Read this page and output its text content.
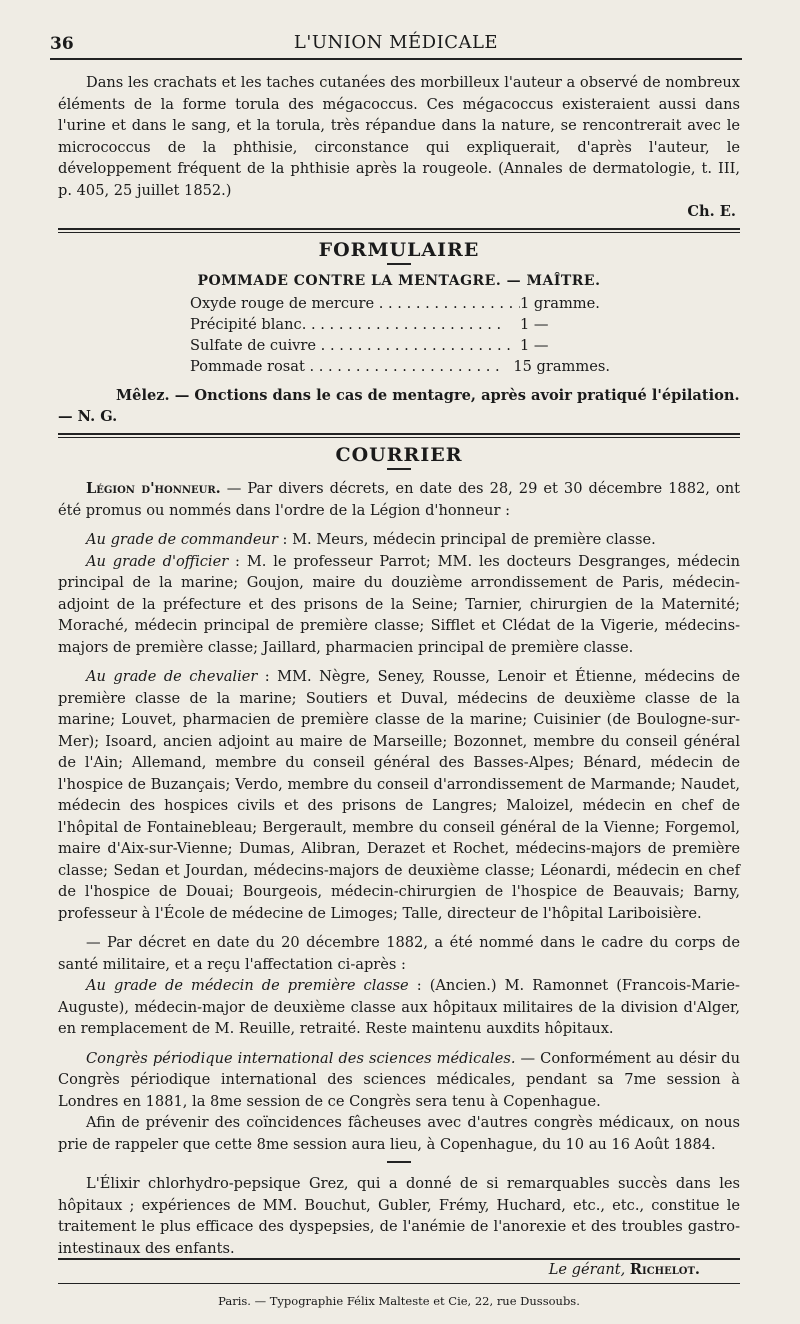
36	L'UNION MÉDICALE

Dans les crachats et les taches cutanées des morbilleux l'auteur a observé de nombreux éléments de la forme torula des mégacoccus. Ces mégacoccus existeraient aussi dans l'urine et dans le sang, et la torula, très répandue dans la nature, se rencontrerait avec le micrococcus de la phthisie, circonstance qui expliquerait, d'après l'auteur, le développement fréquent de la phthisie après la rougeole. (Annales de dermatologie, t. III, p. 405, 25 juillet 1852.)

Ch. E.
FORMULAIRE
POMMADE CONTRE LA MENTAGRE. — MAÎTRE.
Oxyde rouge de mercure . . .	1 gramme.
Précipité blanc. . . .	1 —
Sulfate de cuivre . . .	1 —
Pommade rosat . . .	15 grammes.
Mêlez. — Onctions dans le cas de mentagre, après avoir pratiqué l'épilation. — N. G.
COURRIER

Légion d'honneur. — Par divers décrets, en date des 28, 29 et 30 décembre 1882, ont été promus ou nommés dans l'ordre de la Légion d'honneur :

Au grade de commandeur : M. Meurs, médecin principal de première classe.

Au grade d'officier : M. le professeur Parrot; MM. les docteurs Desgranges, médecin principal de la marine; Goujon, maire du douzième arrondissement de Paris, médecin-adjoint de la préfecture et des prisons de la Seine; Tarnier, chirurgien de la Maternité; Moraché, médecin principal de première classe; Sifflet et Clédat de la Vigerie, médecins-majors de première classe; Jaillard, pharmacien principal de première classe.

Au grade de chevalier : MM. Nègre, Seney, Rousse, Lenoir et Étienne, médecins de première classe de la marine; Soutiers et Duval, médecins de deuxième classe de la marine; Louvet, pharmacien de première classe de la marine; Cuisinier (de Boulogne-sur-Mer); Isoard, ancien adjoint au maire de Marseille; Bozonnet, membre du conseil général de l'Ain; Allemand, membre du conseil général des Basses-Alpes; Bénard, médecin de l'hospice de Buzançais; Verdo, membre du conseil d'arrondissement de Marmande; Naudet, médecin des hospices civils et des prisons de Langres; Maloizel, médecin en chef de l'hôpital de Fontainebleau; Bergerault, membre du conseil général de la Vienne; Forgemol, maire d'Aix-sur-Vienne; Dumas, Alibran, Derazet et Rochet, médecins-majors de première classe; Sedan et Jourdan, médecins-majors de deuxième classe; Léonardi, médecin en chef de l'hospice de Douai; Bourgeois, médecin-chirurgien de l'hospice de Beauvais; Barny, professeur à l'École de médecine de Limoges; Talle, directeur de l'hôpital Lariboisière.

— Par décret en date du 20 décembre 1882, a été nommé dans le cadre du corps de santé militaire, et a reçu l'affectation ci-après :

Au grade de médecin de première classe : (Ancien.) M. Ramonnet (Francois-Marie-Auguste), médecin-major de deuxième classe aux hôpitaux militaires de la division d'Alger, en remplacement de M. Reuille, retraité. Reste maintenu auxdits hôpitaux.

Congrès périodique international des sciences médicales. — Conformément au désir du Congrès périodique international des sciences médicales, pendant sa 7me session à Londres en 1881, la 8me session de ce Congrès sera tenu à Copenhague.

Afin de prévenir des coïncidences fâcheuses avec d'autres congrès médicaux, on nous prie de rappeler que cette 8me session aura lieu, à Copenhague, du 10 au 16 Août 1884.

L'Élixir chlorhydro-pepsique Grez, qui a donné de si remarquables succès dans les hôpitaux ; expériences de MM. Bouchut, Gubler, Frémy, Huchard, etc., etc., constitue le traitement le plus efficace des dyspepsies, de l'anémie de l'anorexie et des troubles gastro-intestinaux des enfants.

Le gérant, Richelot.
Paris. — Typographie Félix Malteste et Cie, 22, rue Dussoubs.
